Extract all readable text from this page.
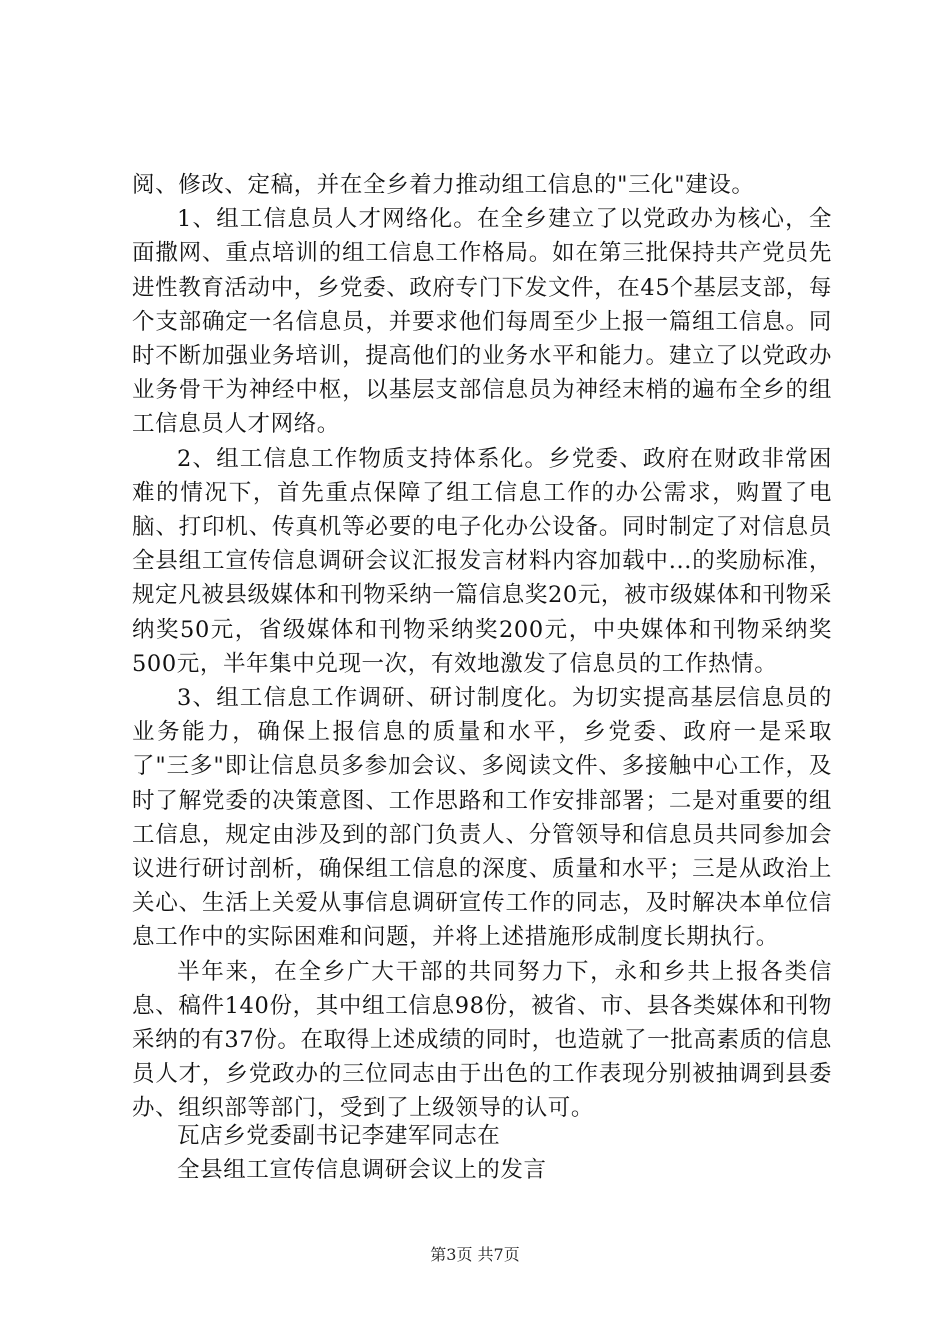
阅、修改、定稿，并在全乡着力推动组工信息的"三化"建设。

1、组工信息员人才网络化。在全乡建立了以党政办为核心，全面撒网、重点培训的组工信息工作格局。如在第三批保持共产党员先进性教育活动中，乡党委、政府专门下发文件，在45个基层支部，每个支部确定一名信息员，并要求他们每周至少上报一篇组工信息。同时不断加强业务培训，提高他们的业务水平和能力。建立了以党政办业务骨干为神经中枢，以基层支部信息员为神经末梢的遍布全乡的组工信息员人才网络。

2、组工信息工作物质支持体系化。乡党委、政府在财政非常困难的情况下，首先重点保障了组工信息工作的办公需求，购置了电脑、打印机、传真机等必要的电子化办公设备。同时制定了对信息员全县组工宣传信息调研会议汇报发言材料内容加载中...的奖励标准，规定凡被县级媒体和刊物采纳一篇信息奖20元，被市级媒体和刊物采纳奖50元，省级媒体和刊物采纳奖200元，中央媒体和刊物采纳奖500元，半年集中兑现一次，有效地激发了信息员的工作热情。

3、组工信息工作调研、研讨制度化。为切实提高基层信息员的业务能力，确保上报信息的质量和水平，乡党委、政府一是采取了"三多"即让信息员多参加会议、多阅读文件、多接触中心工作，及时了解党委的决策意图、工作思路和工作安排部署；二是对重要的组工信息，规定由涉及到的部门负责人、分管领导和信息员共同参加会议进行研讨剖析，确保组工信息的深度、质量和水平；三是从政治上关心、生活上关爱从事信息调研宣传工作的同志，及时解决本单位信息工作中的实际困难和问题，并将上述措施形成制度长期执行。

半年来，在全乡广大干部的共同努力下，永和乡共上报各类信息、稿件140份，其中组工信息98份，被省、市、县各类媒体和刊物采纳的有37份。在取得上述成绩的同时，也造就了一批高素质的信息员人才，乡党政办的三位同志由于出色的工作表现分别被抽调到县委办、组织部等部门，受到了上级领导的认可。

瓦店乡党委副书记李建军同志在
全县组工宣传信息调研会议上的发言
第3页 共7页
